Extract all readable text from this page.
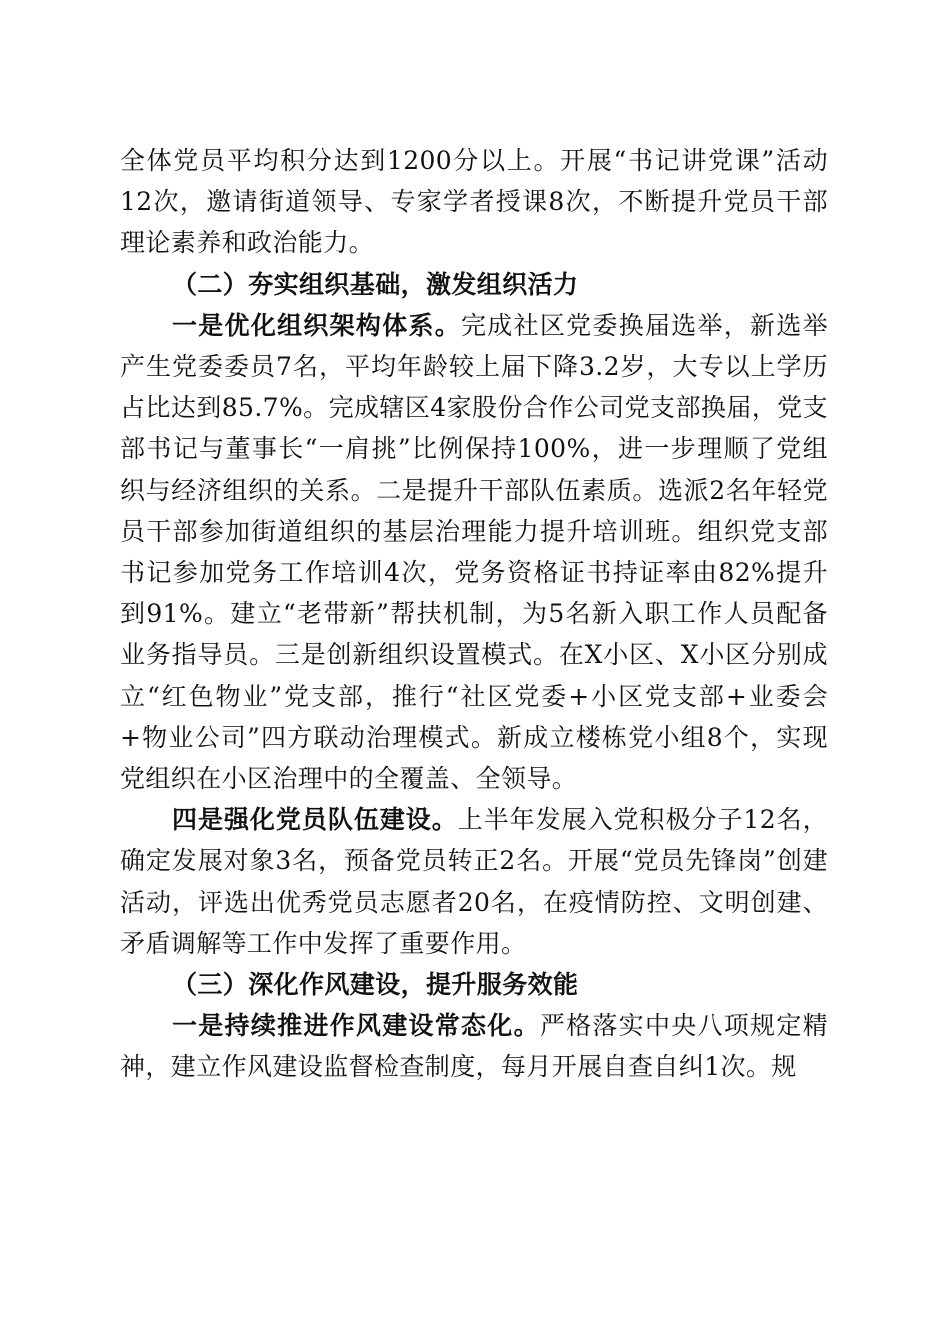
全体党员平均积分达到1200分以上。开展“书记讲党课”活动12次，邀请街道领导、专家学者授课8次，不断提升党员干部理论素养和政治能力。

（二）夯实组织基础，激发组织活力

一是优化组织架构体系。完成社区党委换届选举，新选举产生党委委员7名，平均年龄较上届下降3.2岁，大专以上学历占比达到85.7%。完成辖区4家股份合作公司党支部换届，党支部书记与董事长“一肩挑”比例保持100%，进一步理顺了党组织与经济组织的关系。二是提升干部队伍素质。选派2名年轻党员干部参加街道组织的基层治理能力提升培训班。组织党支部书记参加党务工作培训4次，党务资格证书持证率由82%提升到91%。建立“老带新”帮扶机制，为5名新入职工作人员配备业务指导员。三是创新组织设置模式。在X小区、X小区分别成立“红色物业”党支部，推行“社区党委+小区党支部+业委会+物业公司”四方联动治理模式。新成立楼栋党小组8个，实现党组织在小区治理中的全覆盖、全领导。

四是强化党员队伍建设。上半年发展入党积极分子12名，确定发展对象3名，预备党员转正2名。开展“党员先锋岗”创建活动，评选出优秀党员志愿者20名，在疫情防控、文明创建、矛盾调解等工作中发挥了重要作用。

（三）深化作风建设，提升服务效能

一是持续推进作风建设常态化。严格落实中央八项规定精神，建立作风建设监督检查制度，每月开展自查自纠1次。规
